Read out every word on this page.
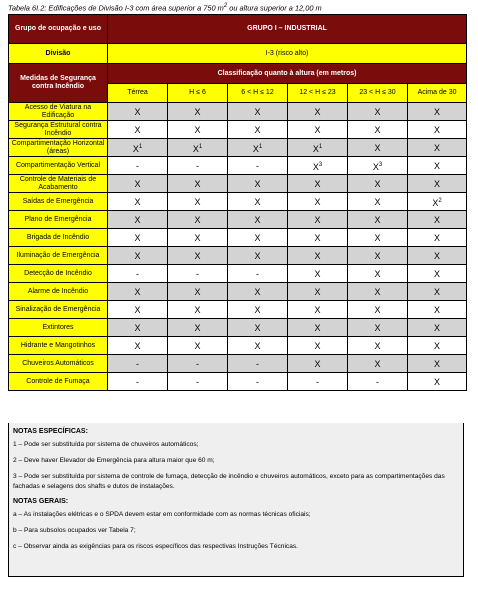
Tabela 6I.2: Edificações de Divisão I-3 com área superior a 750 $m^2$ ou altura superior a 12,00 m
Grupo de ocupação e uso	GRUPO I – INDUSTRIAL					
Divisão	I-3 (risco alto)					
Medidas de Segurança contra Incêndio	Classificação quanto à altura (em metros)					
	Térrea	H ≤ 6	6 < H ≤ 12	12 < H ≤ 23	23 < H ≤ 30	Acima de 30
Acesso de Viatura na Edificação	X	X	X	X	X	X
Segurança Estrutural contra Incêndio	X	X	X	X	X	X
Compartimentação Horizontal (áreas)	$X^1$	$X^1$	$X^1$	$X^1$	X	X
Compartimentação Vertical	-	-	-	$X^3$	$X^3$	X
Controle de Materiais de Acabamento	X	X	X	X	X	X
Saídas de Emergência	X	X	X	X	X	$X^2$
Plano de Emergência	X	X	X	X	X	X
Brigada de Incêndio	X	X	X	X	X	X
Iluminação de Emergência	X	X	X	X	X	X
Detecção de Incêndio	-	-	-	X	X	X
Alarme de Incêndio	X	X	X	X	X	X
Sinalização de Emergência	X	X	X	X	X	X
Extintores	X	X	X	X	X	X
Hidrante e Mangotinhos	X	X	X	X	X	X
Chuveiros Automáticos	-	-	-	X	X	X
Controle de Fumaça	-	-	-	-	-	X
NOTAS ESPECÍFICAS:
1 – Pode ser substituída por sistema de chuveiros automáticos;
2 – Deve haver Elevador de Emergência para altura maior que 60 m;
3 – Pode ser substituída por sistema de controle de fumaça, detecção de incêndio e chuveiros automáticos, exceto para as compartimentações das fachadas e selagens dos shafts e dutos de instalações.
NOTAS GERAIS:
a – As instalações elétricas e o SPDA devem estar em conformidade com as normas técnicas oficiais;
b – Para subsolos ocupados ver Tabela 7;
c – Observar ainda as exigências para os riscos específicos das respectivas Instruções Técnicas.
